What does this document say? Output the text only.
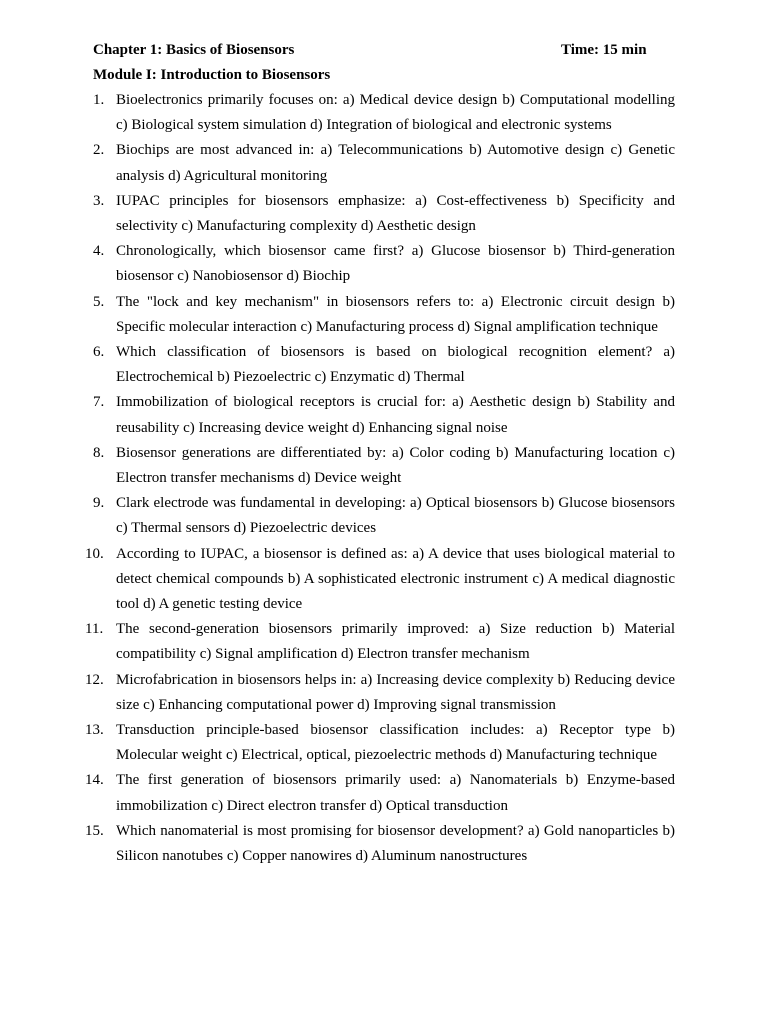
Chapter 1: Basics of Biosensors	Time: 15 min
Module I: Introduction to Biosensors
1. Bioelectronics primarily focuses on: a) Medical device design b) Computational modelling c) Biological system simulation d) Integration of biological and electronic systems
2. Biochips are most advanced in: a) Telecommunications b) Automotive design c) Genetic analysis d) Agricultural monitoring
3. IUPAC principles for biosensors emphasize: a) Cost-effectiveness b) Specificity and selectivity c) Manufacturing complexity d) Aesthetic design
4. Chronologically, which biosensor came first? a) Glucose biosensor b) Third-generation biosensor c) Nanobiosensor d) Biochip
5. The "lock and key mechanism" in biosensors refers to: a) Electronic circuit design b) Specific molecular interaction c) Manufacturing process d) Signal amplification technique
6. Which classification of biosensors is based on biological recognition element? a) Electrochemical b) Piezoelectric c) Enzymatic d) Thermal
7. Immobilization of biological receptors is crucial for: a) Aesthetic design b) Stability and reusability c) Increasing device weight d) Enhancing signal noise
8. Biosensor generations are differentiated by: a) Color coding b) Manufacturing location c) Electron transfer mechanisms d) Device weight
9. Clark electrode was fundamental in developing: a) Optical biosensors b) Glucose biosensors c) Thermal sensors d) Piezoelectric devices
10. According to IUPAC, a biosensor is defined as: a) A device that uses biological material to detect chemical compounds b) A sophisticated electronic instrument c) A medical diagnostic tool d) A genetic testing device
11. The second-generation biosensors primarily improved: a) Size reduction b) Material compatibility c) Signal amplification d) Electron transfer mechanism
12. Microfabrication in biosensors helps in: a) Increasing device complexity b) Reducing device size c) Enhancing computational power d) Improving signal transmission
13. Transduction principle-based biosensor classification includes: a) Receptor type b) Molecular weight c) Electrical, optical, piezoelectric methods d) Manufacturing technique
14. The first generation of biosensors primarily used: a) Nanomaterials b) Enzyme-based immobilization c) Direct electron transfer d) Optical transduction
15. Which nanomaterial is most promising for biosensor development? a) Gold nanoparticles b) Silicon nanotubes c) Copper nanowires d) Aluminum nanostructures
